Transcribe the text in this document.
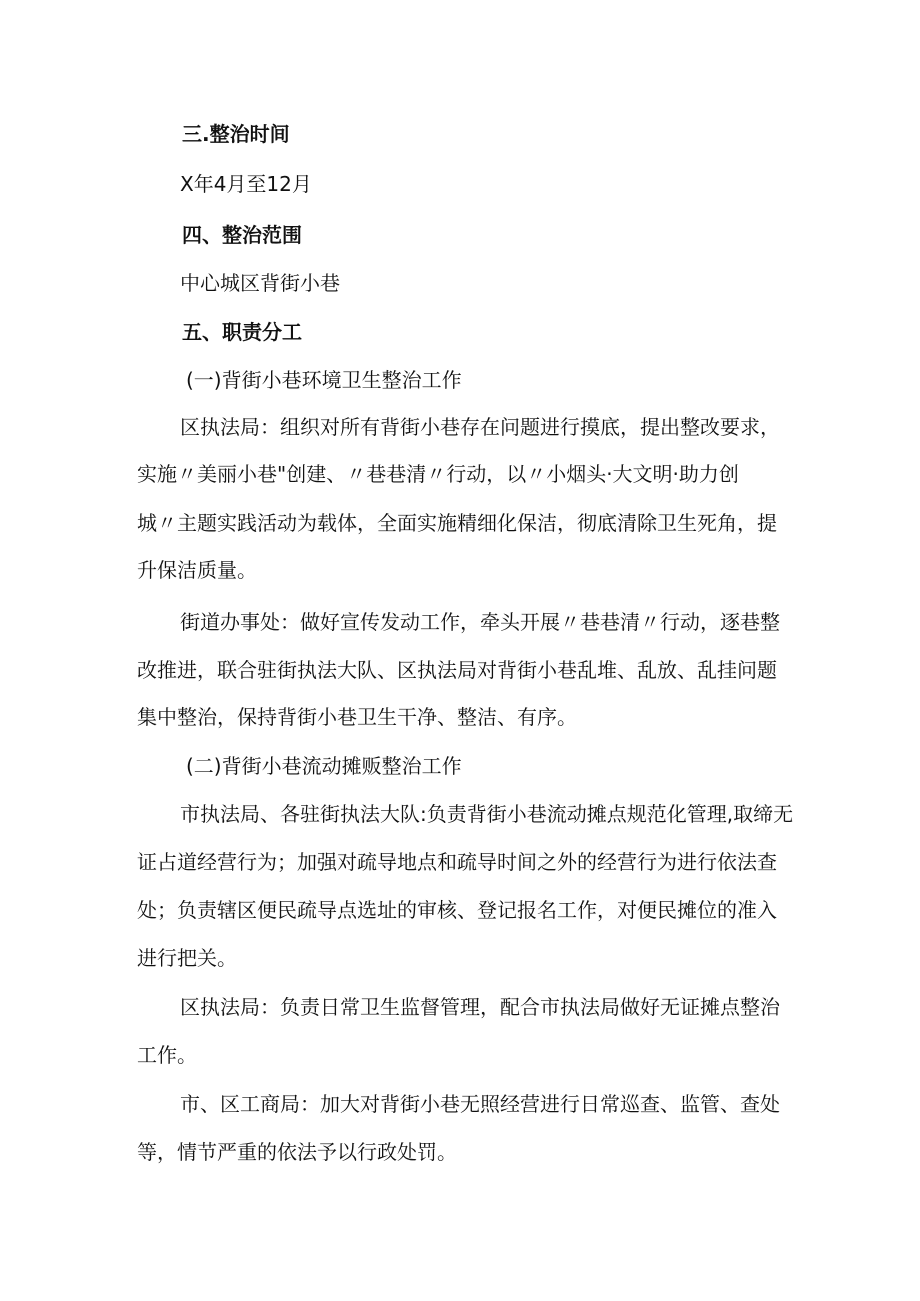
三.整治时间

X年4月至12月

四、整治范围

中心城区背街小巷

五、职责分工

(一)背街小巷环境卫生整治工作

区执法局：组织对所有背街小巷存在问题进行摸底，提出整改要求，

实施〃美丽小巷"创建、〃巷巷清〃行动，以〃小烟头·大文明·助力创

城〃主题实践活动为载体，全面实施精细化保洁，彻底清除卫生死角，提

升保洁质量。

街道办事处：做好宣传发动工作，牵头开展〃巷巷清〃行动，逐巷整

改推进，联合驻街执法大队、区执法局对背街小巷乱堆、乱放、乱挂问题

集中整治，保持背街小巷卫生干净、整洁、有序。

(二)背街小巷流动摊贩整治工作

市执法局、各驻街执法大队:负责背街小巷流动摊点规范化管理,取缔无

证占道经营行为；加强对疏导地点和疏导时间之外的经营行为进行依法查

处；负责辖区便民疏导点选址的审核、登记报名工作，对便民摊位的准入

进行把关。

区执法局：负责日常卫生监督管理，配合市执法局做好无证摊点整治

工作。

市、区工商局：加大对背街小巷无照经营进行日常巡查、监管、查处

等，情节严重的依法予以行政处罚。
